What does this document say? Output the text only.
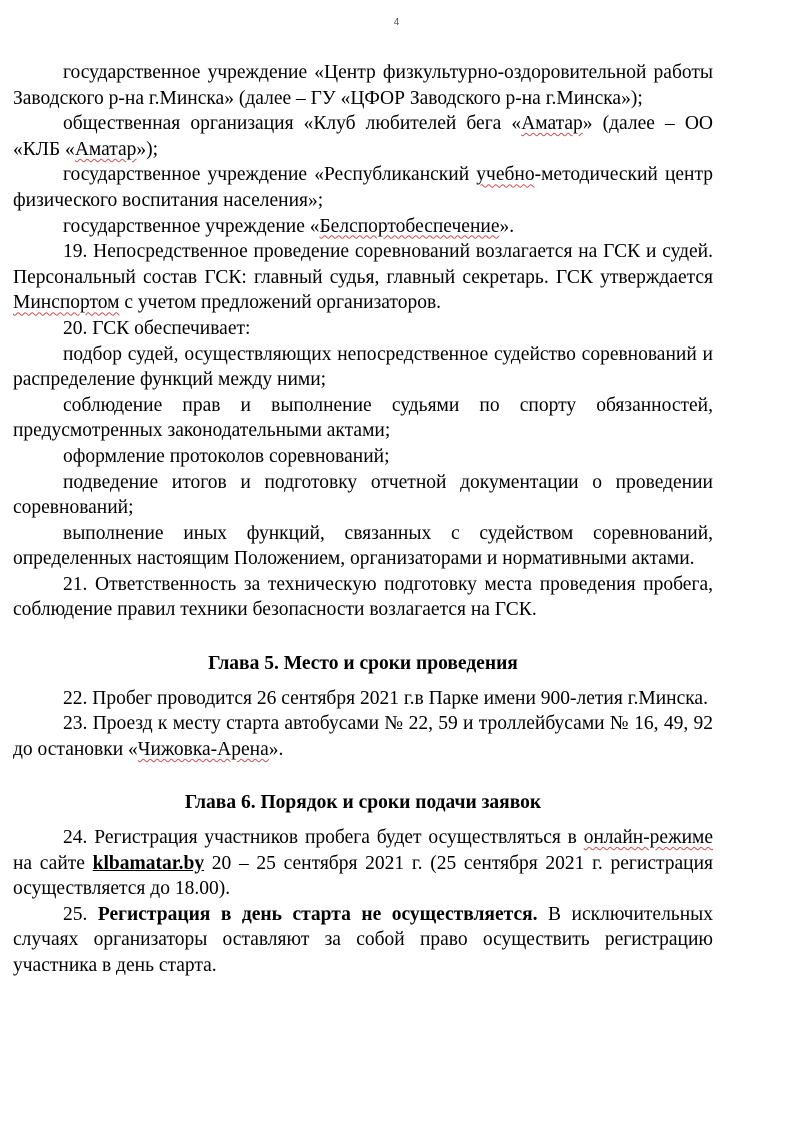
4

государственное учреждение «Центр физкультурно-оздоровительной работы Заводского р-на г.Минска» (далее – ГУ «ЦФОР Заводского р-на г.Минска»);

общественная организация «Клуб любителей бега «Аматар» (далее – ОО «КЛБ «Аматар»);

государственное учреждение «Республиканский учебно-методический центр физического воспитания населения»;

государственное учреждение «Белспортобеспечение».

19. Непосредственное проведение соревнований возлагается на ГСК и судей. Персональный состав ГСК: главный судья, главный секретарь. ГСК утверждается Минспортом с учетом предложений организаторов.

20. ГСК обеспечивает:

подбор судей, осуществляющих непосредственное судейство соревнований и распределение функций между ними;

соблюдение прав и выполнение судьями по спорту обязанностей, предусмотренных законодательными актами;

оформление протоколов соревнований;

подведение итогов и подготовку отчетной документации о проведении соревнований;

выполнение иных функций, связанных с судейством соревнований, определенных настоящим Положением, организаторами и нормативными актами.

21. Ответственность за техническую подготовку места проведения пробега, соблюдение правил техники безопасности возлагается на ГСК.

Глава 5. Место и сроки проведения

22. Пробег проводится 26 сентября 2021 г.в Парке имени 900-летия г.Минска.

23. Проезд к месту старта автобусами № 22, 59 и троллейбусами № 16, 49, 92 до остановки «Чижовка-Арена».

Глава 6. Порядок и сроки подачи заявок

24. Регистрация участников пробега будет осуществляться в онлайн-режиме на сайте klbamatar.by 20 – 25 сентября 2021 г. (25 сентября 2021 г. регистрация осуществляется до 18.00).

25. Регистрация в день старта не осуществляется. В исключительных случаях организаторы оставляют за собой право осуществить регистрацию участника в день старта.
